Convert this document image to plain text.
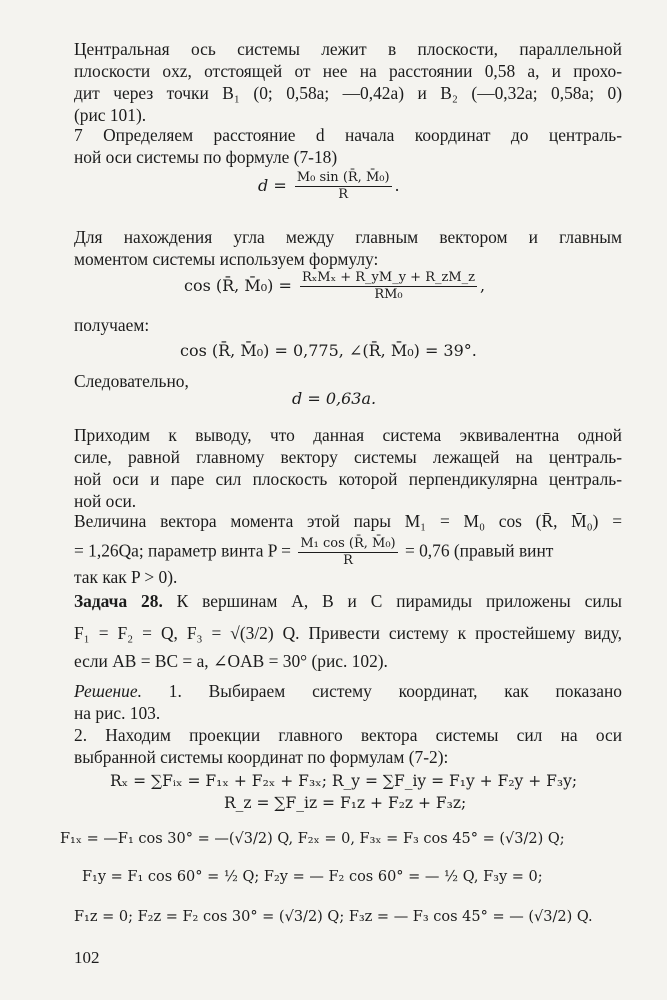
Центральная ось системы лежит в плоскости, параллельной
плоскости oxz, отстоящей от нее на расстоянии 0,58 a, и прохо-
дит через точки B₁ (0; 0,58a; —0,42a) и B₂ (—0,32a; 0,58a; 0)
(рис 101).
7 Определяем расстояние d начала координат до централь-
ной оси системы по формуле (7-18)
$d = \frac{\text{M₀ sin (R̄, M̄₀)}}{R}$ .
Для нахождения угла между главным вектором и главным
моментом системы используем формулу:
cos (R̄, M̄₀) = $\frac{\text{RₓMₓ + R\_yM\_y + R\_zM\_z}}{\text{RM₀}}$ ,
получаем:
cos (R̄, M̄₀) = 0,775, ∠(R̄, M̄₀) = 39°.
Следовательно,
d = 0,63a.
Приходим к выводу, что данная система эквивалентна одной
силе, равной главному вектору системы лежащей на централь-
ной оси и паре сил плоскость которой перпендикулярна централь-
ной оси.
Величина вектора момента этой пары M₁ = M₀ cos (R̄, M̄₀) =
= 1,26Qa; параметр винта $P = \frac{\text{M₁ cos (R̄, M̄₀)}}{R} = 0,76$ (правый винт
так как P > 0).
Задача 28. К вершинам A, B и C пирамиды приложены силы
F₁ = F₂ = Q, F₃ = √(3/2) Q. Привести систему к простейшему виду,
если AB = BC = a, ∠OAB = 30° (рис. 102).
Решение. 1. Выбираем систему координат, как показано
на рис. 103.
2. Находим проекции главного вектора системы сил на оси
выбранной системы координат по формулам (7-2):
Rₓ = ∑Fᵢₓ = F₁ₓ + F₂ₓ + F₃ₓ; R_y = ∑F_iy = F₁y + F₂y + F₃y;
R_z = ∑F_iz = F₁z + F₂z + F₃z;
F₁ₓ = —F₁ cos 30° = —(√3/2) Q, F₂ₓ = 0, F₃ₓ = F₃ cos 45° = (√3/2) Q;
F₁y = F₁ cos 60° = ½ Q; F₂y = — F₂ cos 60° = — ½ Q, F₃y = 0;
F₁z = 0; F₂z = F₂ cos 30° = (√3/2) Q; F₃z = — F₃ cos 45° = — (√3/2) Q.
102
